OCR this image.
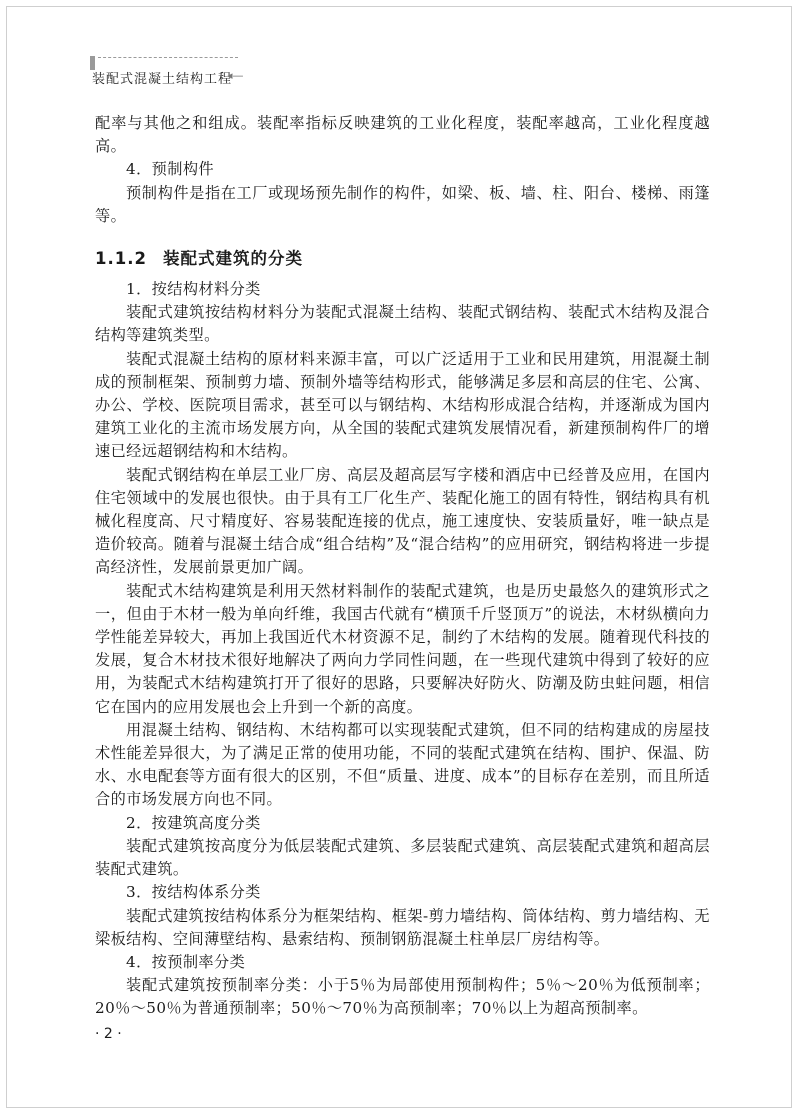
装配式混凝土结构工程
◂—

配率与其他之和组成。装配率指标反映建筑的工业化程度，装配率越高，工业化程度越高。

4．预制构件

预制构件是指在工厂或现场预先制作的构件，如梁、板、墙、柱、阳台、楼梯、雨篷等。

1.1.2 装配式建筑的分类

1．按结构材料分类

装配式建筑按结构材料分为装配式混凝土结构、装配式钢结构、装配式木结构及混合结构等建筑类型。

装配式混凝土结构的原材料来源丰富，可以广泛适用于工业和民用建筑，用混凝土制成的预制框架、预制剪力墙、预制外墙等结构形式，能够满足多层和高层的住宅、公寓、办公、学校、医院项目需求，甚至可以与钢结构、木结构形成混合结构，并逐渐成为国内建筑工业化的主流市场发展方向，从全国的装配式建筑发展情况看，新建预制构件厂的增速已经远超钢结构和木结构。

装配式钢结构在单层工业厂房、高层及超高层写字楼和酒店中已经普及应用，在国内住宅领域中的发展也很快。由于具有工厂化生产、装配化施工的固有特性，钢结构具有机械化程度高、尺寸精度好、容易装配连接的优点，施工速度快、安装质量好，唯一缺点是造价较高。随着与混凝土结合成“组合结构”及“混合结构”的应用研究，钢结构将进一步提高经济性，发展前景更加广阔。

装配式木结构建筑是利用天然材料制作的装配式建筑，也是历史最悠久的建筑形式之一，但由于木材一般为单向纤维，我国古代就有“横顶千斤竖顶万”的说法，木材纵横向力学性能差异较大，再加上我国近代木材资源不足，制约了木结构的发展。随着现代科技的发展，复合木材技术很好地解决了两向力学同性问题，在一些现代建筑中得到了较好的应用，为装配式木结构建筑打开了很好的思路，只要解决好防火、防潮及防虫蛀问题，相信它在国内的应用发展也会上升到一个新的高度。

用混凝土结构、钢结构、木结构都可以实现装配式建筑，但不同的结构建成的房屋技术性能差异很大，为了满足正常的使用功能，不同的装配式建筑在结构、围护、保温、防水、水电配套等方面有很大的区别，不但“质量、进度、成本”的目标存在差别，而且所适合的市场发展方向也不同。

2．按建筑高度分类

装配式建筑按高度分为低层装配式建筑、多层装配式建筑、高层装配式建筑和超高层装配式建筑。

3．按结构体系分类

装配式建筑按结构体系分为框架结构、框架-剪力墙结构、筒体结构、剪力墙结构、无梁板结构、空间薄壁结构、悬索结构、预制钢筋混凝土柱单层厂房结构等。

4．按预制率分类

装配式建筑按预制率分类：小于5％为局部使用预制构件；5％～20％为低预制率；20％～50％为普通预制率；50％～70％为高预制率；70％以上为超高预制率。

· 2 ·
